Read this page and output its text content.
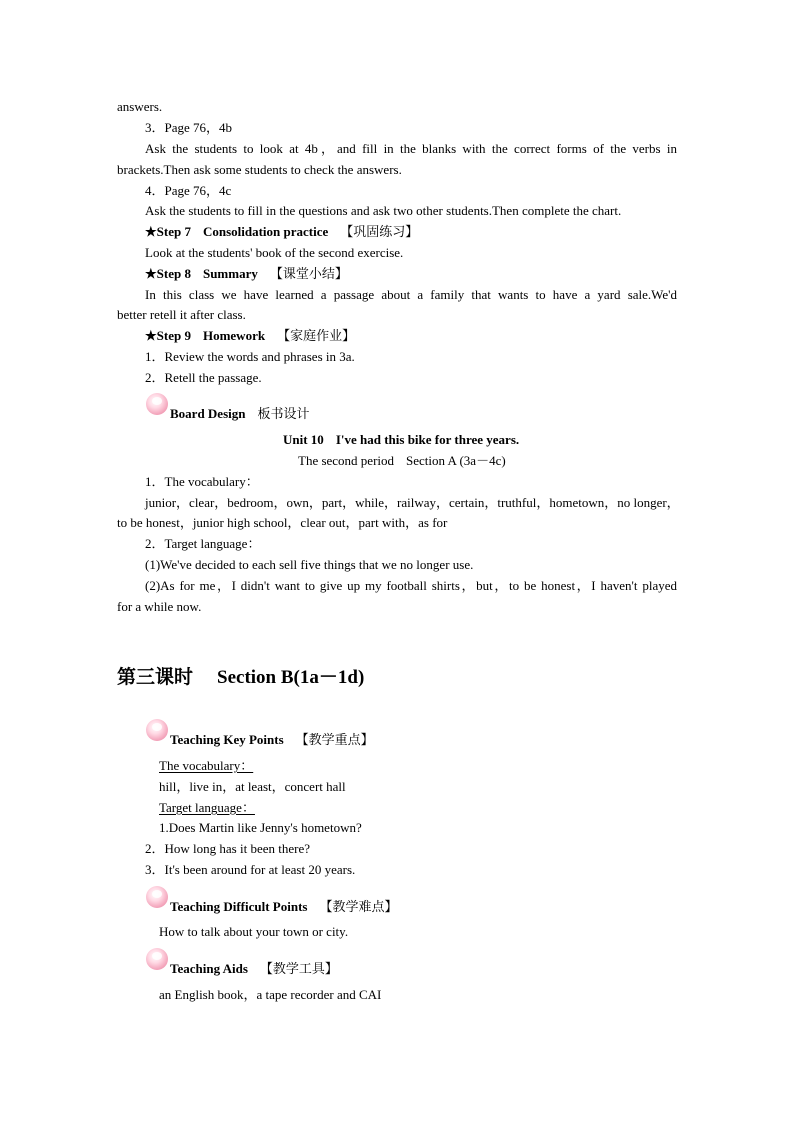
answers.
3．Page 76，4b
Ask the students to look at 4b，and fill in the blanks with the correct forms of the verbs in
brackets.Then ask some students to check the answers.
4．Page 76，4c
Ask the students to fill in the questions and ask two other students.Then complete the chart.
★Step 7 Consolidation practice 【巩固练习】
Look at the students' book of the second exercise.
★Step 8 Summary 【课堂小结】
In this class we have learned a passage about a family that wants to have a yard sale.We'd
better retell it after class.
★Step 9 Homework 【家庭作业】
1．Review the words and phrases in 3a.
2．Retell the passage.
Board Design 板书设计
Unit 10 I've had this bike for three years.
The second period Section A (3a－4c)
1．The vocabulary：
junior，clear，bedroom，own，part，while，railway，certain，truthful，hometown，no longer，
to be honest，junior high school，clear out，part with，as for
2．Target language：
(1)We've decided to each sell five things that we no longer use.
(2)As for me，I didn't want to give up my football shirts，but，to be honest，I haven't played
for a while now.
第三课时 Section B(1a－1d)
Teaching Key Points 【教学重点】
The vocabulary：
hill，live in，at least，concert hall
Target language：
1.Does Martin like Jenny's hometown?
2．How long has it been there?
3．It's been around for at least 20 years.
Teaching Difficult Points 【教学难点】
How to talk about your town or city.
Teaching Aids 【教学工具】
an English book，a tape recorder and CAI
